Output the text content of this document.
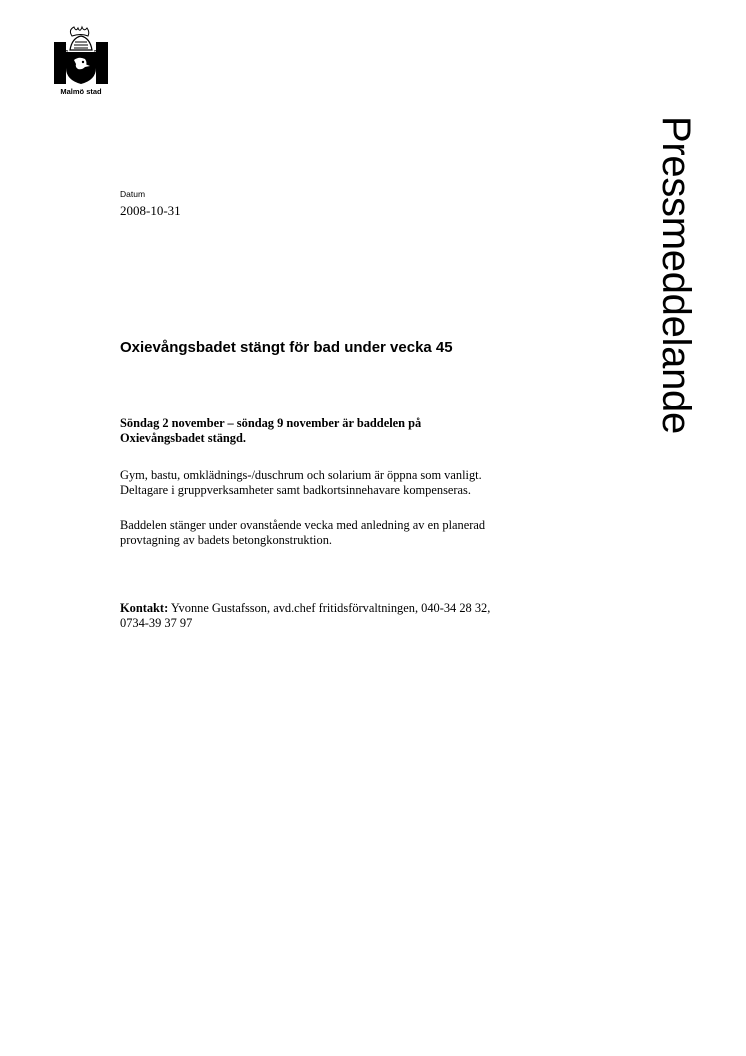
Malmö stad
Datum
2008-10-31
Oxievångsbadet stängt för bad under vecka 45

Söndag 2 november – söndag 9 november är baddelen på
Oxievångsbadet stängd.

Gym, bastu, omklädnings-/duschrum och solarium är öppna som vanligt.
Deltagare i gruppverksamheter samt badkortsinnehavare kompenseras.

Baddelen stänger under ovanstående vecka med anledning av en planerad
provtagning av badets betongkonstruktion.

Kontakt: Yvonne Gustafsson, avd.chef fritidsförvaltningen, 040-34 28 32,
0734-39 37 97

Pressmeddelande
